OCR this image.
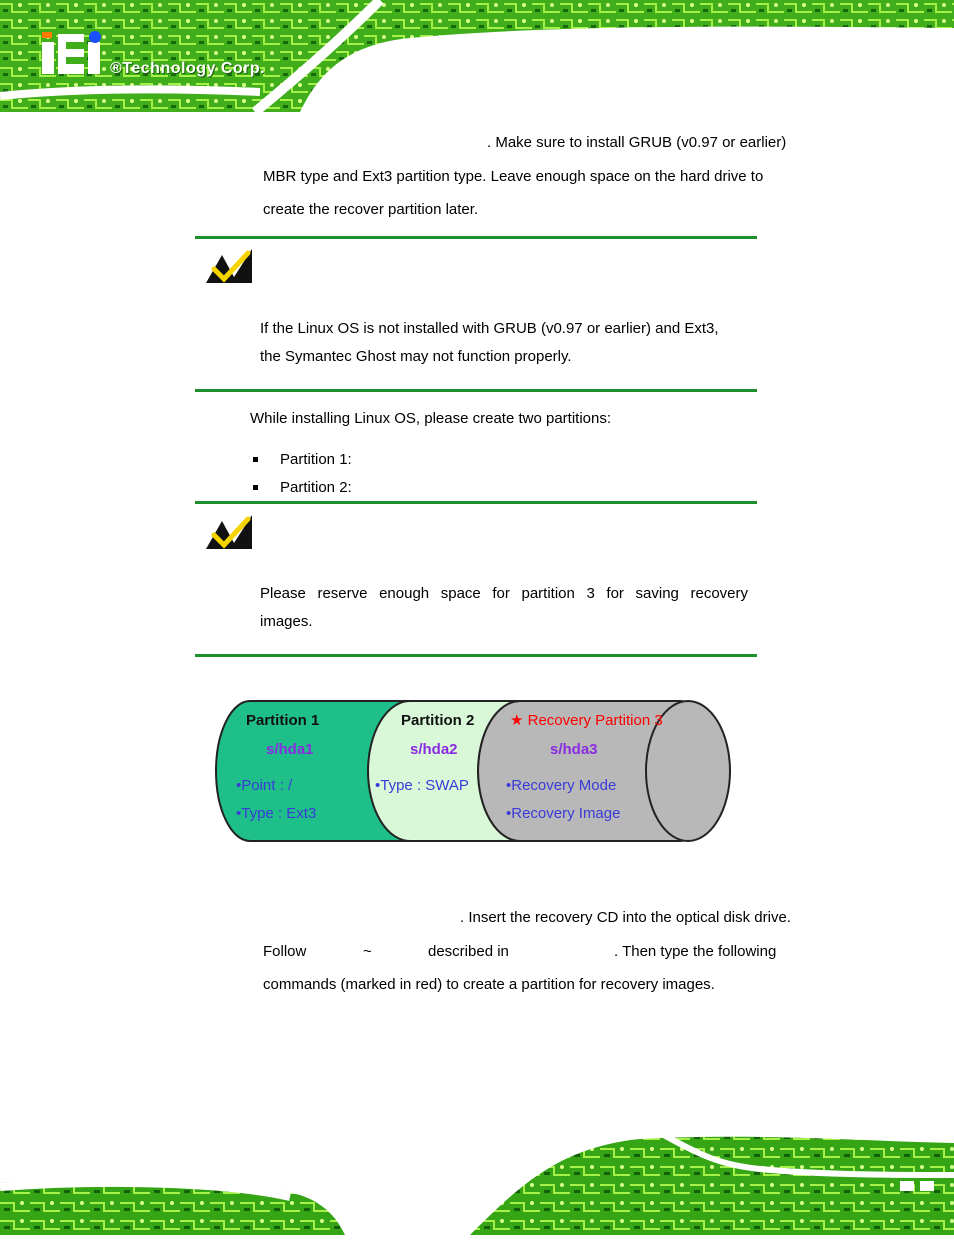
®Technology Corp.
. Make sure to install GRUB (v0.97 or earlier)
MBR type and Ext3 partition type. Leave enough space on the hard drive to
create the recover partition later.
If the Linux OS is not installed with GRUB (v0.97 or earlier) and Ext3,
the Symantec Ghost may not function properly.
While installing Linux OS, please create two partitions:
Partition 1:
Partition 2:
Please reserve enough space for partition 3 for saving recovery
images.
Partition 1
s/hda1
•Point : /
•Type : Ext3
Partition 2
s/hda2
•Type : SWAP
★ Recovery Partition 3
s/hda3
•Recovery Mode
•Recovery Image
. Insert the recovery CD into the optical disk drive.
Follow	~	described in	. Then type the following
commands (marked in red) to create a partition for recovery images.
